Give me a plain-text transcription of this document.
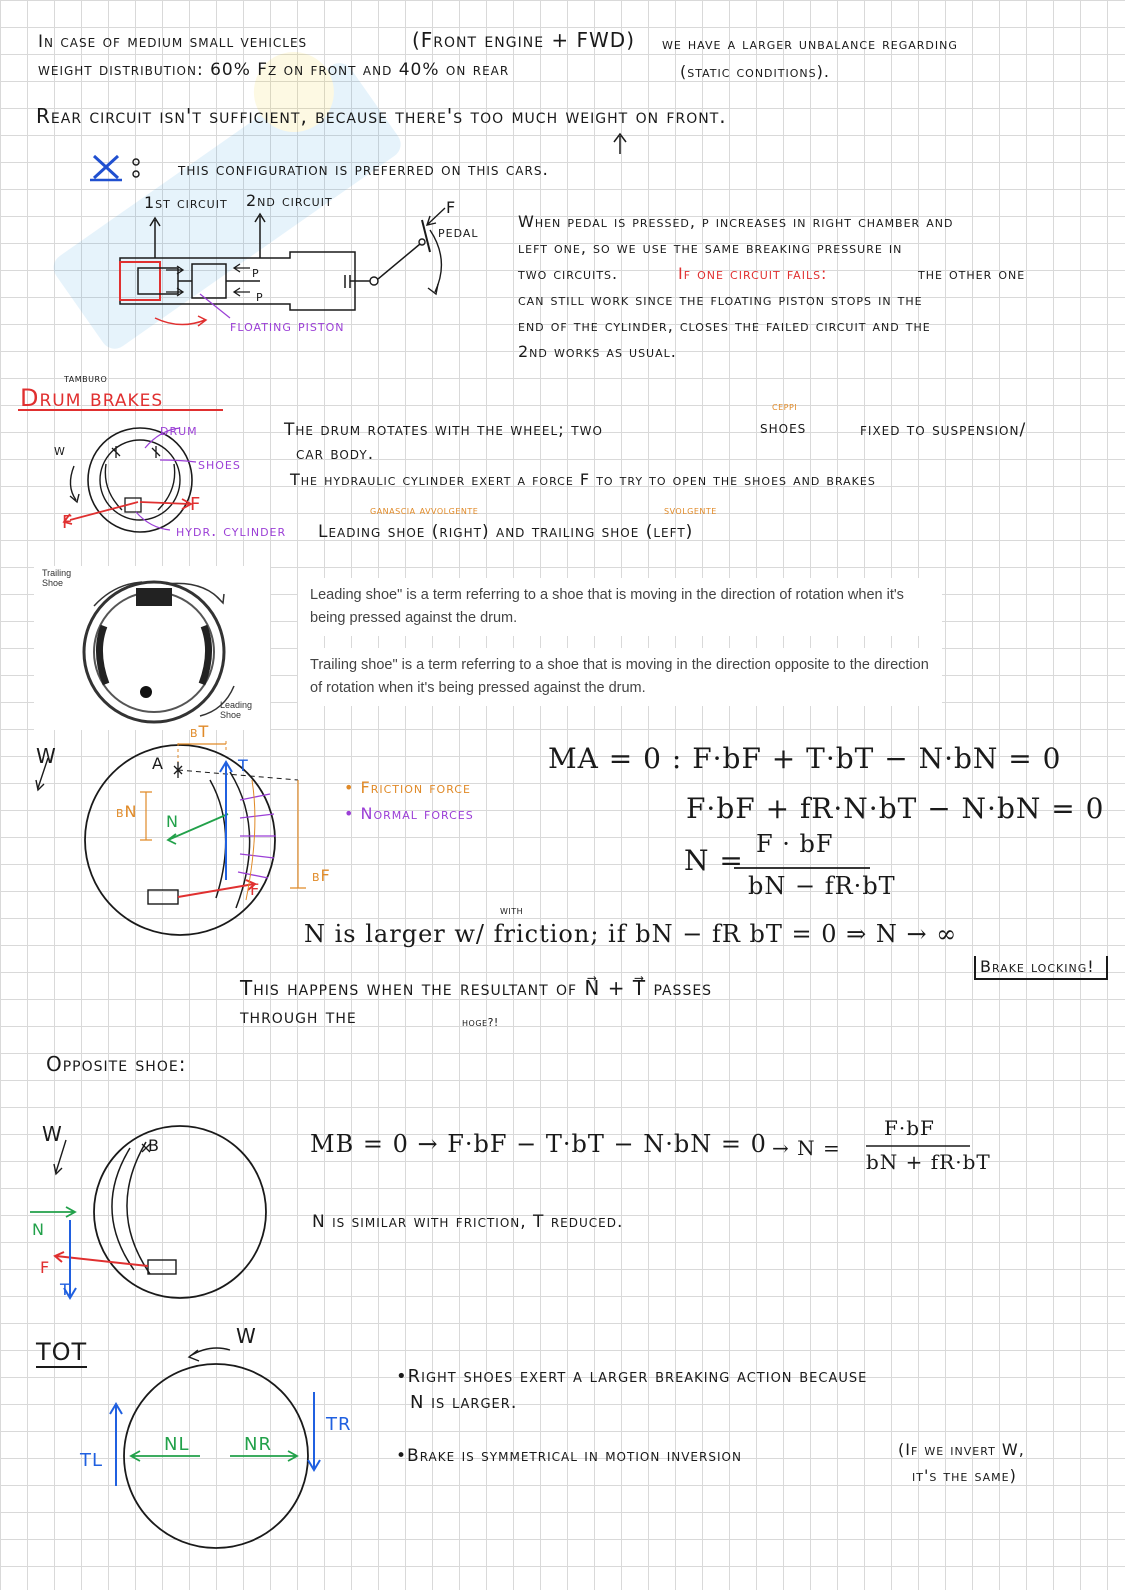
In case of medium small vehicles	(Front engine + FWD) we have a larger unbalance regarding
weight distribution: 60% Fz on front and 40% on rear	(static conditions).
Rear circuit isn't sufficient, because there's too much weight on front.
this configuration is preferred on this cars.
1st circuit 2nd circuit
pedal
F
p
p
floating piston
When pedal is pressed, p increases in right chamber and
left one, so we use the same breaking pressure in
two circuits.	If one circuit fails:	the other one
can still work since the floating piston stops in the
end of the cylinder, closes the failed circuit and the
2nd works as usual.
tamburo
Drum brakes
drum
shoes
hydr. cylinder
w
F
F
ceppi
The drum rotates with the wheel; two	shoes	fixed to suspension/
car body.
The hydraulic cylinder exert a force F to try to open the shoes and brakes
ganascia avvolgente	svolgente
Leading shoe (right) and trailing shoe (left)
Trailing Shoe
Leading Shoe
Leading shoe" is a term referring to a shoe that is moving in the direction of rotation when it's being pressed against the drum.
Trailing shoe" is a term referring to a shoe that is moving in the direction opposite to the direction of rotation when it's being pressed against the drum.
W	A
bT
bN
bF
T
N
F
• Friction force
• Normal forces
MA = 0 : F·bF + T·bT − N·bN = 0
F·bF + fR·N·bT − N·bN = 0
N = F · bF
bN − fR·bT
with
N is larger w/ friction; if bN − fR bT = 0 ⇒ N → ∞
This happens when the resultant of N⃗ + T⃗ passes
through the	hoge?!
Brake locking!
Opposite shoe:
W	B
N
F
T
MB = 0 → F·bF − T·bT − N·bN = 0 → N =
F·bF
bN + fR·bT
N is similar with friction, T reduced.
TOT
W
TL
NL	NR
TR
•Right shoes exert a larger breaking action because
N is larger.
•Brake is symmetrical in motion inversion	(If we invert W,
it's the same)
